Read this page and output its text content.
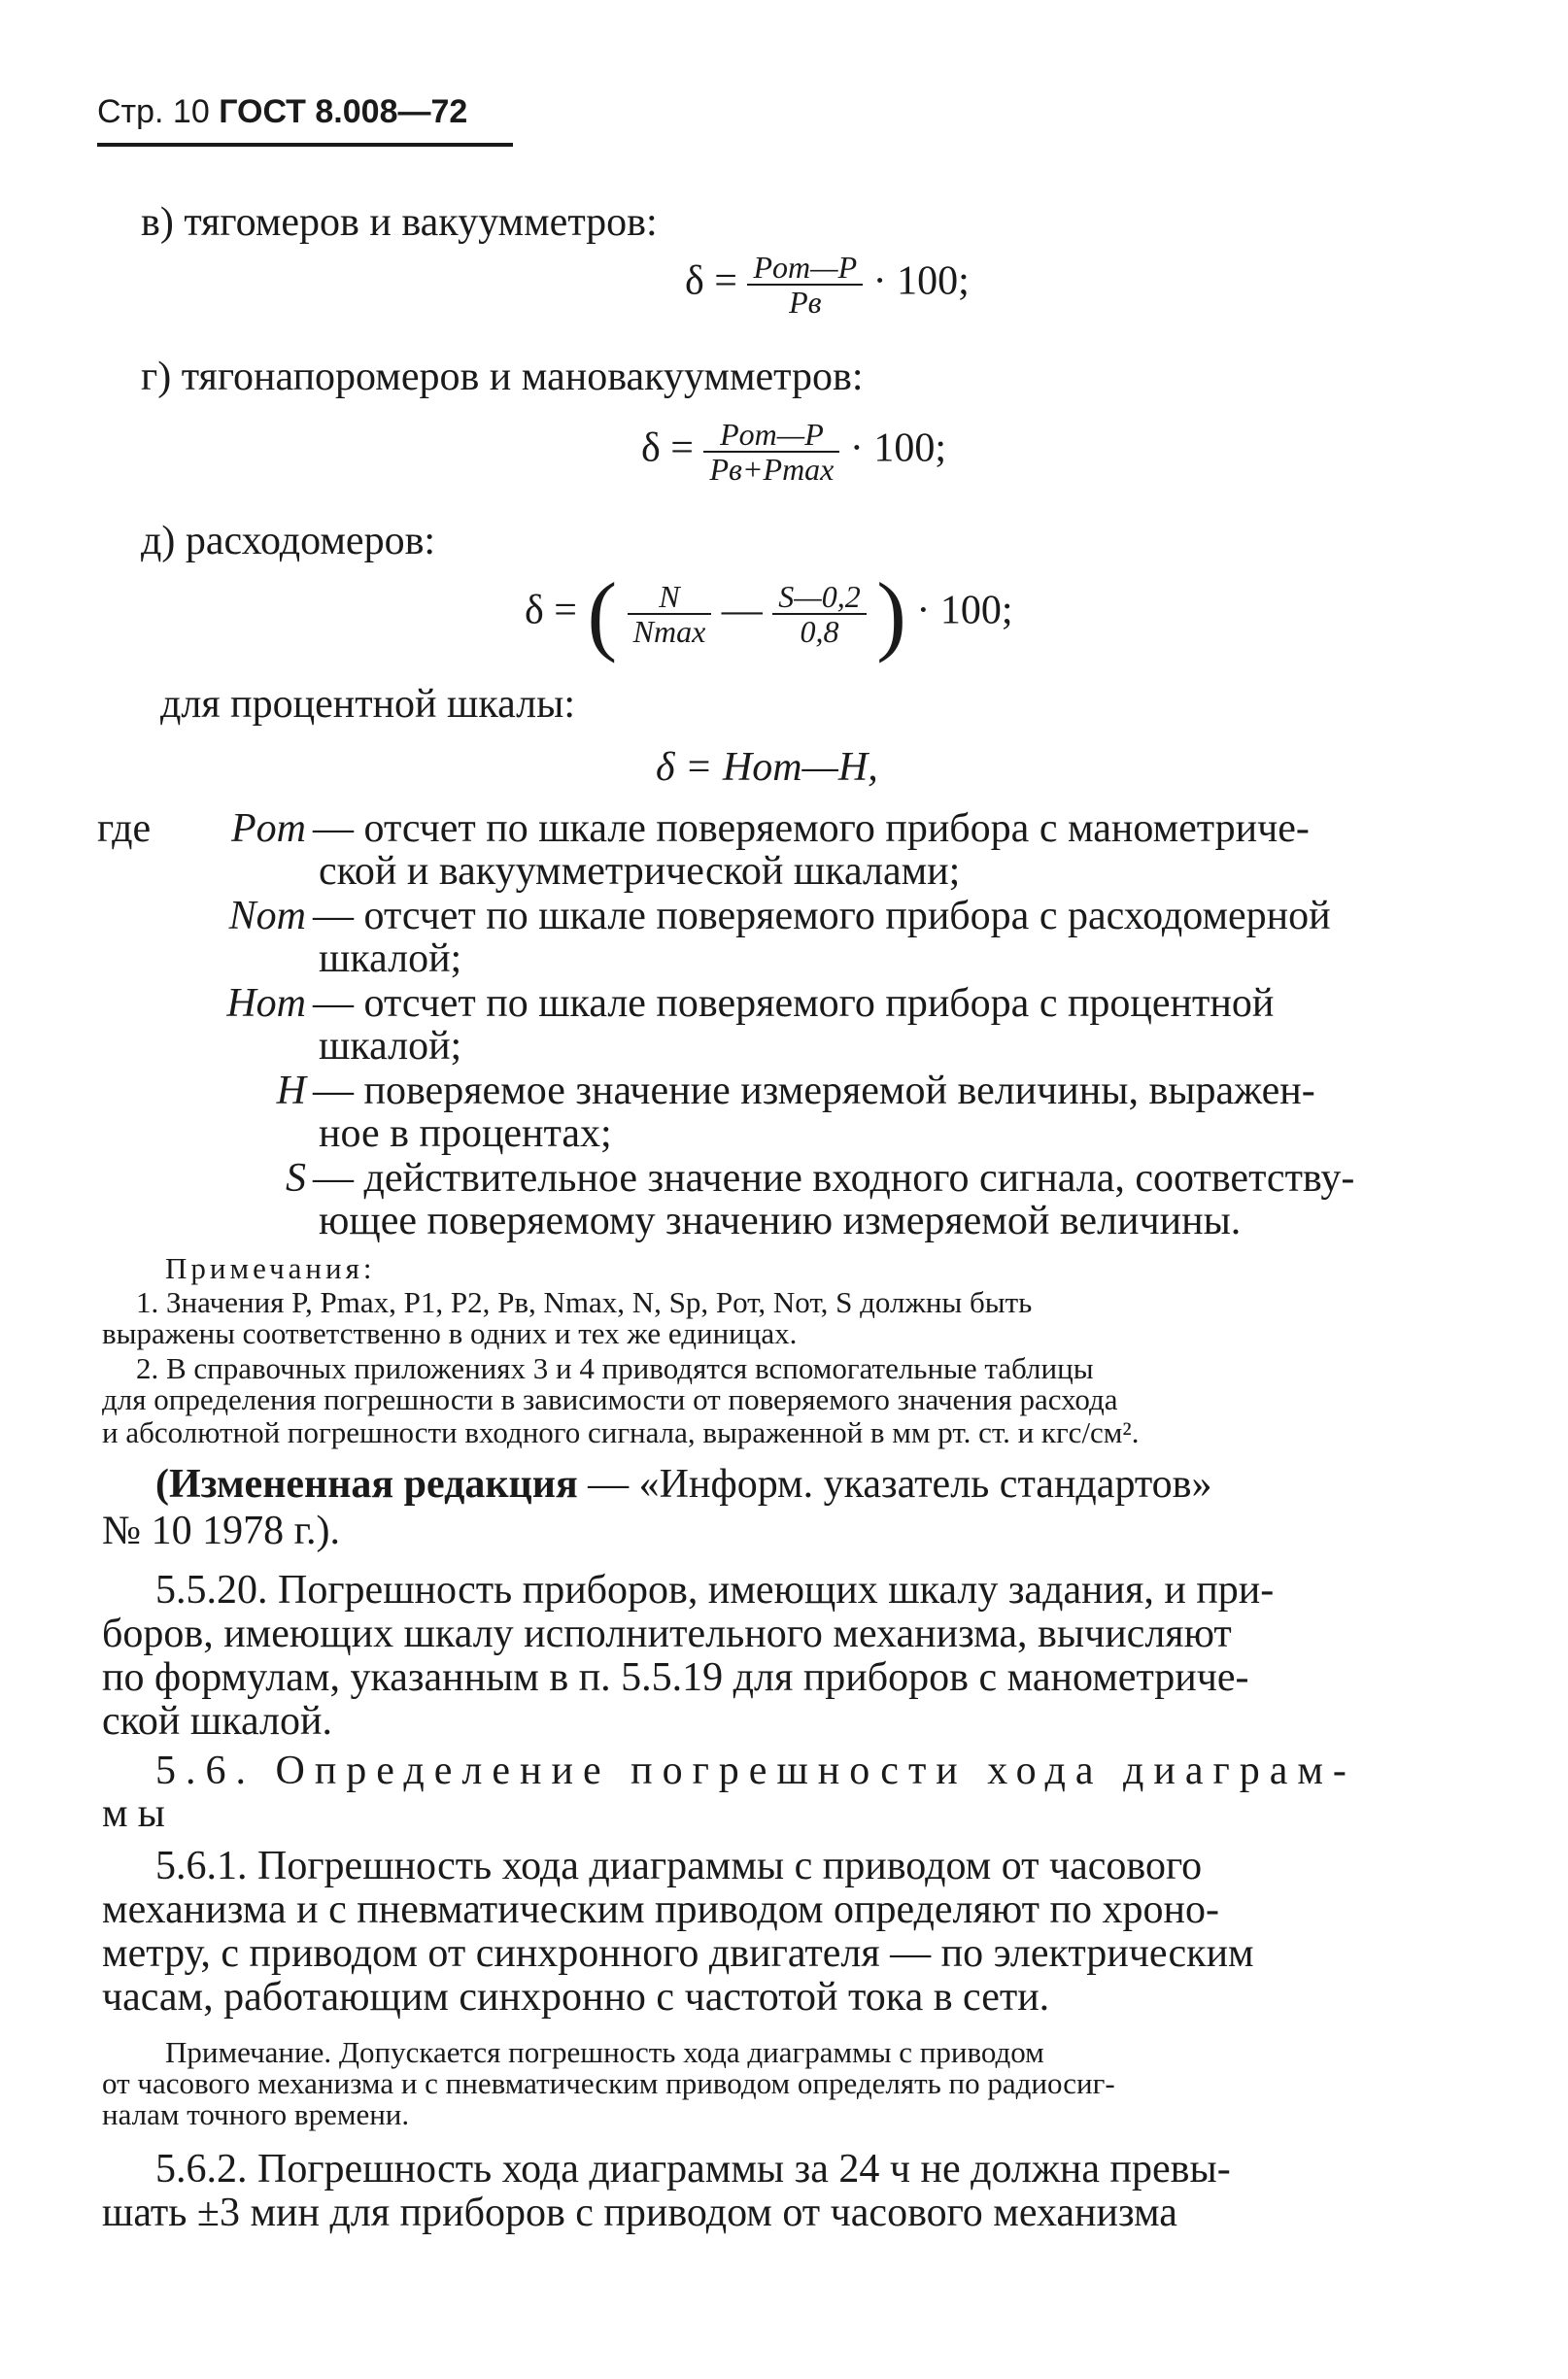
Стр. 10 ГОСТ 8.008—72
в) тягомеров и вакуумметров:
$\delta = \frac{\text{Pот—P}}{Pв} \cdot 100$;
г) тягонапоромеров и мановакуумметров:
$\delta = \frac{\text{Pот—P}}{Pв+Pmax} \cdot 100$;
д) расходомеров:
δ = ( $\frac{N}{Nmax}$ — $\frac{S—0,2}{0,8}$ ) · 100;
для процентной шкалы:
δ = Hот—H,
где	Pот — отсчет по шкале поверяемого прибора с манометриче-
ской и вакуумметрической шкалами;
Nот — отсчет по шкале поверяемого прибора с расходомерной
шкалой;
Hот — отсчет по шкале поверяемого прибора с процентной
шкалой;
H — поверяемое значение измеряемой величины, выражен-
ное в процентах;
S — действительное значение входного сигнала, соответству-
ющее поверяемому значению измеряемой величины.
Примечания:
1. Значения P, Pmax, P1, P2, Pв, Nmax, N, Sp, Pот, Nот, S должны быть
выражены соответственно в одних и тех же единицах.
2. В справочных приложениях 3 и 4 приводятся вспомогательные таблицы
для определения погрешности в зависимости от поверяемого значения расхода
и абсолютной погрешности входного сигнала, выраженной в мм рт. ст. и кгс/см².
(Измененная редакция — «Информ. указатель стандартов»
№ 10 1978 г.).
5.5.20. Погрешность приборов, имеющих шкалу задания, и при-
боров, имеющих шкалу исполнительного механизма, вычисляют
по формулам, указанным в п. 5.5.19 для приборов с манометриче-
ской шкалой.
5.6. Определение погрешности хода диаграм-
мы
5.6.1. Погрешность хода диаграммы с приводом от часового
механизма и с пневматическим приводом определяют по хроно-
метру, с приводом от синхронного двигателя — по электрическим
часам, работающим синхронно с частотой тока в сети.
Примечание. Допускается погрешность хода диаграммы с приводом
от часового механизма и с пневматическим приводом определять по радиосиг-
налам точного времени.
5.6.2. Погрешность хода диаграммы за 24 ч не должна превы-
шать ±3 мин для приборов с приводом от часового механизма
